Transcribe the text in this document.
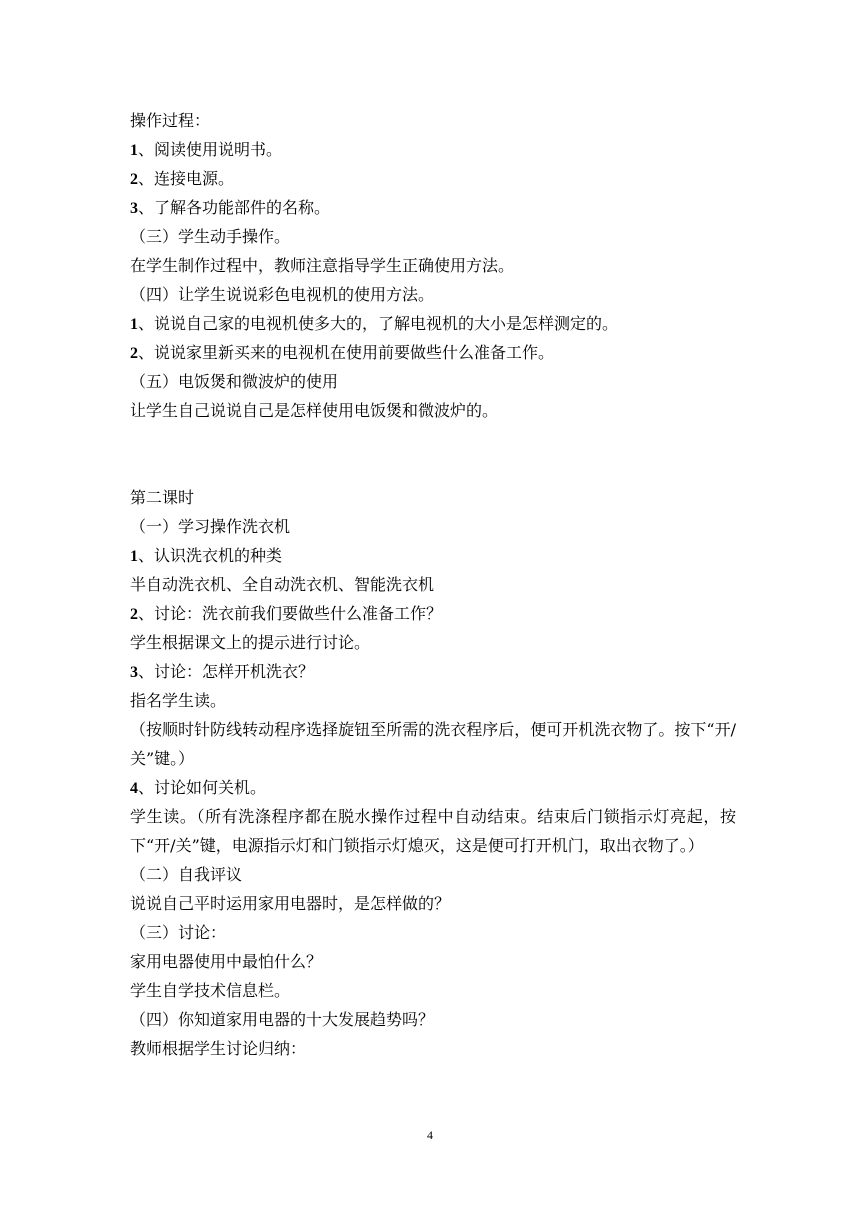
操作过程：

1、阅读使用说明书。

2、连接电源。

3、了解各功能部件的名称。

（三）学生动手操作。

在学生制作过程中，教师注意指导学生正确使用方法。

（四）让学生说说彩色电视机的使用方法。

1、说说自己家的电视机使多大的，了解电视机的大小是怎样测定的。

2、说说家里新买来的电视机在使用前要做些什么准备工作。

（五）电饭煲和微波炉的使用

让学生自己说说自己是怎样使用电饭煲和微波炉的。

第二课时

（一）学习操作洗衣机

1、认识洗衣机的种类

半自动洗衣机、全自动洗衣机、智能洗衣机

2、讨论：洗衣前我们要做些什么准备工作？

学生根据课文上的提示进行讨论。

3、讨论：怎样开机洗衣？

指名学生读。

（按顺时针防线转动程序选择旋钮至所需的洗衣程序后，便可开机洗衣物了。按下“开/关”键。）

4、讨论如何关机。

学生读。（所有洗涤程序都在脱水操作过程中自动结束。结束后门锁指示灯亮起，按下“开/关”键，电源指示灯和门锁指示灯熄灭，这是便可打开机门，取出衣物了。）

（二）自我评议

说说自己平时运用家用电器时，是怎样做的？

（三）讨论：

家用电器使用中最怕什么？

学生自学技术信息栏。

（四）你知道家用电器的十大发展趋势吗？

教师根据学生讨论归纳：

4
